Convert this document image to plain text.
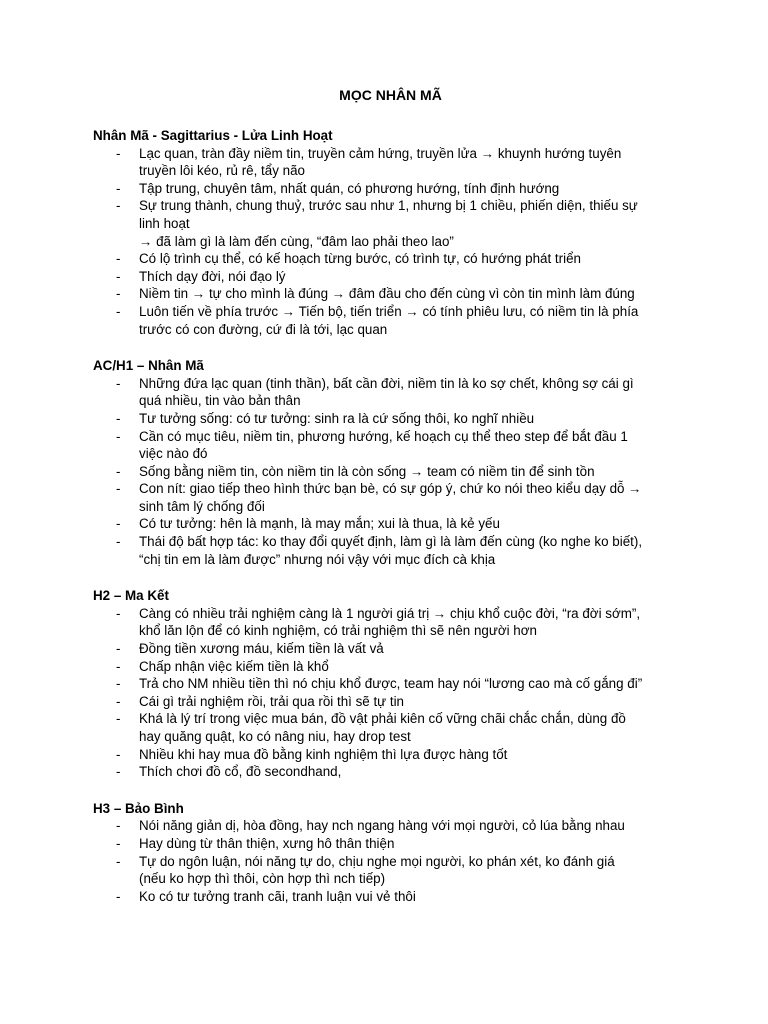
MỌC NHÂN MÃ
Nhân Mã - Sagittarius - Lửa Linh Hoạt
- Lạc quan, tràn đầy niềm tin, truyền cảm hứng, truyền lửa → khuynh hướng tuyên
truyền lôi kéo, rủ rê, tẩy não
- Tập trung, chuyên tâm, nhất quán, có phương hướng, tính định hướng
- Sự trung thành, chung thuỷ, trước sau như 1, nhưng bị 1 chiều, phiến diện, thiếu sự
linh hoạt
→ đã làm gì là làm đến cùng, “đâm lao phải theo lao”
- Có lộ trình cụ thể, có kế hoạch từng bước, có trình tự, có hướng phát triển
- Thích dạy đời, nói đạo lý
- Niềm tin → tự cho mình là đúng → đâm đầu cho đến cùng vì còn tin mình làm đúng
- Luôn tiến về phía trước → Tiến bộ, tiến triển → có tính phiêu lưu, có niềm tin là phía
trước có con đường, cứ đi là tới, lạc quan
AC/H1 – Nhân Mã
- Những đứa lạc quan (tinh thần), bất cần đời, niềm tin là ko sợ chết, không sợ cái gì
quá nhiều, tin vào bản thân
- Tư tưởng sống: có tư tưởng: sinh ra là cứ sống thôi, ko nghĩ nhiều
- Cần có mục tiêu, niềm tin, phương hướng, kế hoạch cụ thể theo step để bắt đầu 1
việc nào đó
- Sống bằng niềm tin, còn niềm tin là còn sống → team có niềm tin để sinh tồn
- Con nít: giao tiếp theo hình thức bạn bè, có sự góp ý, chứ ko nói theo kiểu dạy dỗ →
sinh tâm lý chống đối
- Có tư tưởng: hên là mạnh, là may mắn; xui là thua, là kẻ yếu
- Thái độ bất hợp tác: ko thay đổi quyết định, làm gì là làm đến cùng (ko nghe ko biết),
“chị tin em là làm được” nhưng nói vậy với mục đích cà khịa
H2 – Ma Kết
- Càng có nhiều trải nghiệm càng là 1 người giá trị → chịu khổ cuộc đời, “ra đời sớm”,
khổ lăn lộn để có kinh nghiệm, có trải nghiệm thì sẽ nên người hơn
- Đồng tiền xương máu, kiếm tiền là vất vả
- Chấp nhận việc kiếm tiền là khổ
- Trả cho NM nhiều tiền thì nó chịu khổ được, team hay nói “lương cao mà cố gắng đi”
- Cái gì trải nghiệm rồi, trải qua rồi thì sẽ tự tin
- Khá là lý trí trong việc mua bán, đồ vật phải kiên cố vững chãi chắc chắn, dùng đồ
hay quăng quật, ko có nâng niu, hay drop test
- Nhiều khi hay mua đồ bằng kinh nghiệm thì lựa được hàng tốt
- Thích chơi đồ cổ, đồ secondhand,
H3 – Bảo Bình
- Nói năng giản dị, hòa đồng, hay nch ngang hàng với mọi người, cỏ lúa bằng nhau
- Hay dùng từ thân thiện, xưng hô thân thiện
- Tự do ngôn luận, nói năng tự do, chịu nghe mọi người, ko phán xét, ko đánh giá
(nếu ko hợp thì thôi, còn hợp thì nch tiếp)
- Ko có tư tưởng tranh cãi, tranh luận vui vẻ thôi
